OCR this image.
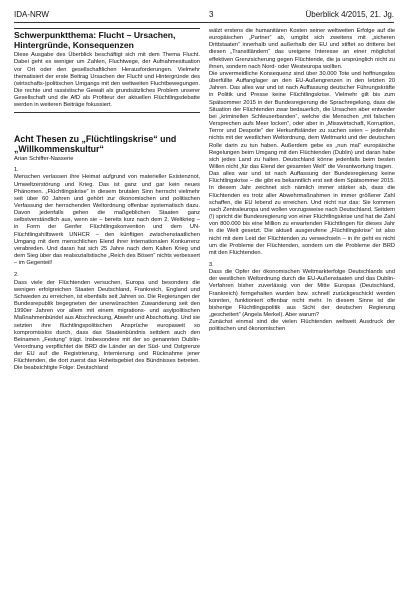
IDA-NRW	3	Überblick 4/2015, 21. Jg.
Schwerpunktthema: Flucht – Ursachen, Hintergründe, Konsequenzen

Diese Ausgabe des Überblick beschäftigt sich mit dem Thema Flucht. Dabei geht es weniger um Zahlen, Fluchtwege, der Aufnahmesituation vor Ort oder den gesellschaftlichen Herausforderungen. Vielmehr thematisiert der erste Beitrag Ursachen der Flucht und Hintergründe des (wirtschafts-)politischen Umgangs mit den weltweiten Fluchtbewegungen. Die rechte und rassistische Gewalt als grundsätzliches Problem unserer Gesellschaft und die AfD als Profiteur der aktuellen Flüchtlingsdebatte werden in weiteren Beiträge fokussiert.

Acht Thesen zu „Flüchtlingskrise“ und „Willkommenskultur“
Arian Schiffer-Nasserie
1.

Menschen verlassen ihre Heimat aufgrund von materieller Existenznot, Umweltzerstörung und Krieg. Das ist ganz und gar kein neues Phänomen. „Flüchtlingskrise“ in diesem brutalen Sinn herrscht vielmehr seit über 60 Jahren und gehört zur ökonomischen und politischen Verfassung der herrschenden Weltordnung offenbar systematisch dazu. Davon jedenfalls gehen die maßgeblichen Staaten ganz selbstverständlich aus, wenn sie – bereits kurz nach dem 2. Weltkrieg – in Form der Genfer Flüchtlingskonvention und dem UN-Flüchtlingshilfswerk UNHCR – den künftigen zwischenstaatlichen Umgang mit dem menschlichen Elend ihrer internationalen Konkurrenz verabreden. Und daran hat sich 25 Jahre nach dem Kalten Krieg und dem Sieg über das realsozialistische „Reich des Bösen“ nichts verbessert – im Gegenteil!

2.

Dass viele der Flüchtenden versuchen, Europa und besonders die wenigen erfolgreichen Staaten Deutschland, Frankreich, England und Schweden zu erreichen, ist ebenfalls seit Jahren so. Die Regierungen der Bundesrepublik begegneten der unerwünschten Zuwanderung seit den 1990er Jahren vor allem mit einem migrations- und asylpolitischen Maßnahmenbündel aus Abschreckung, Abwehr und Abschottung. Und sie setzten ihre flüchtlingspolitischen Ansprüche europaweit so kompromisslos durch, dass das Staatenbündnis seitdem auch den Beinamen „Festung“ trägt. Insbesondere mit der so genannten Dublin-Verordnung verpflichtet die BRD die Länder an der Süd- und Ostgrenze der EU auf die Registrierung, Internierung und Rücknahme jener Flüchtenden, die dort zuerst das Hoheitsgebiet des Bündnisses betreten. Die beabsichtigte Folge: Deutschland

wälzt erstens die humanitären Kosten seiner weltweiten Erfolge auf die europäischen „Partner“ ab, umgibt sich zweitens mit „sicheren Drittstaaten“ innerhalb und außerhalb der EU und stiftet so drittens bei diesen „Transitländern“ das ureigene Interesse an einer möglichst effektiven Grenzsicherung gegen Flüchtende, die ja ursprünglich nicht zu ihnen, sondern nach Nord- oder Westeuropa wollten.

Die unvermeidliche Konsequenz sind über 30.000 Tote und hoffnungslos überfüllte Auffanglager an den EU-Außengrenzen in den letzten 20 Jahren. Das alles war und ist nach Auffassung deutscher Führungskräfte in Politik und Presse keine Flüchtlingskrise. Vielmehr gilt bis zum Spätsommer 2015 in der Bundesregierung die Sprachregelung, dass die Situation der Flüchtenden zwar bedauerlich, die Ursachen aber entweder bei „kriminellen Schleuserbanden“, welche die Menschen „mit falschen Versprechen aufs Meer locken“, oder aber in „Misswirtschaft, Korruption, Terror und Despotie“ der Herkunftsländer zu suchen seien – jedenfalls nichts mit der westlichen Weltordnung, dem Weltmarkt und der deutschen Rolle darin zu tun haben. Außerdem gebe es „nun mal“ europäische Regelungen beim Umgang mit den Flüchtenden (Dublin) und daran habe sich jedes Land zu halten. Deutschland könne jedenfalls beim besten Willen nicht „für das Elend der gesamten Welt“ die Verantwortung tragen.

Das alles war und ist nach Auffassung der Bundesregierung keine Flüchtlingskrise – die gibt es bekanntlich erst seit dem Spätsommer 2015. In diesem Jahr zeichnet sich nämlich immer stärker ab, dass die Flüchtenden es trotz aller Abwehrmaßnahmen in immer größerer Zahl schaffen, die EU lebend zu erreichen. Und nicht nur das: Sie kommen nach Zentraleuropa und wollen vorzugsweise nach Deutschland. Seitdem (!) spricht die Bundesregierung von einer Flüchtlingskrise und hat die Zahl von 800.000 bis eine Million zu erwartenden Flüchtlingen für dieses Jahr in die Welt gesetzt. Die aktuell ausgerufene „Flüchtlingskrise“ ist also nicht mit dem Leid der Flüchtenden zu verwechseln – in ihr geht es nicht um die Probleme der Flüchtenden, sondern um die Probleme der BRD mit den Flüchtenden.

3.

Dass die Opfer der ökonomischen Weltmarkterfolge Deutschlands und der westlichen Weltordnung durch die EU-Außenstaaten und das Dublin-Verfahren bisher zuverlässig von der Mitte Europas (Deutschland, Frankreich) ferngehalten wurden bzw. schnell zurückgeschickt werden konnten, funktioniert offenbar nicht mehr. In diesem Sinne ist die bisherige Flüchtlingspolitik aus Sicht der deutschen Regierung „gescheitert“ (Angela Merkel). Aber warum?

Zunächst einmal sind die vielen Flüchtenden weltweit Ausdruck der politischen und ökonomischen
